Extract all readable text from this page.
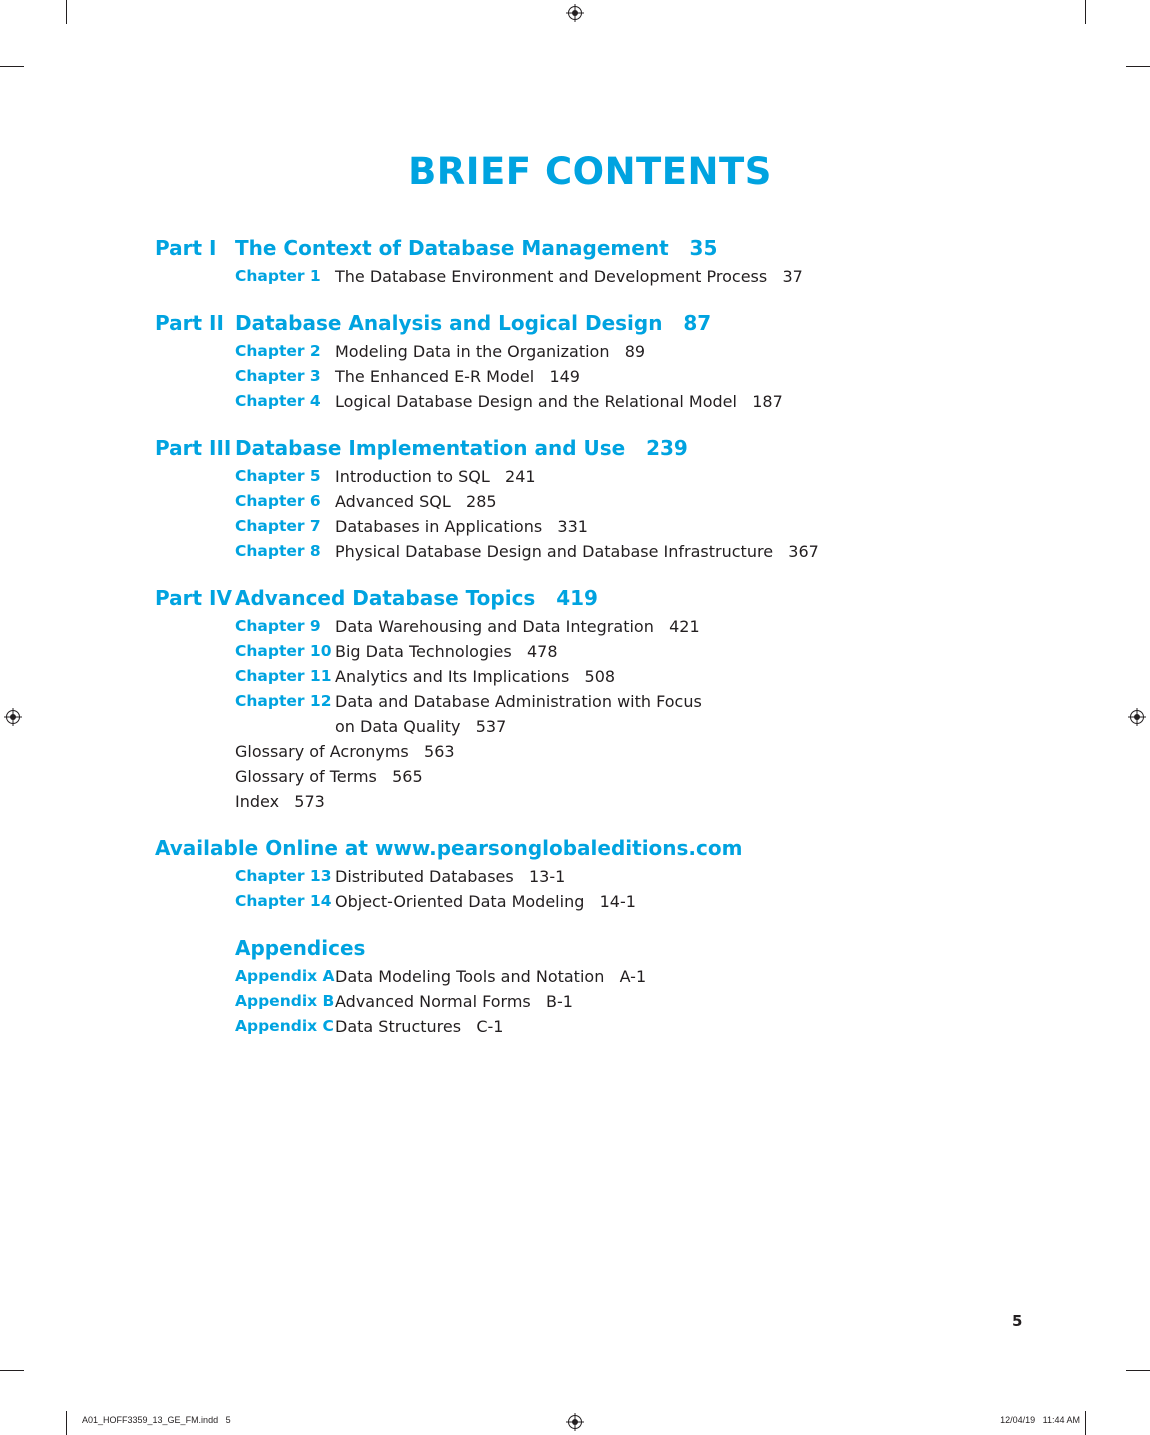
BRIEF CONTENTS
Part I The Context of Database Management   35
Chapter 1 The Database Environment and Development Process   37
Part II Database Analysis and Logical Design   87
Chapter 2 Modeling Data in the Organization   89
Chapter 3 The Enhanced E-R Model   149
Chapter 4 Logical Database Design and the Relational Model   187
Part III Database Implementation and Use   239
Chapter 5 Introduction to SQL   241
Chapter 6 Advanced SQL   285
Chapter 7 Databases in Applications   331
Chapter 8 Physical Database Design and Database Infrastructure   367
Part IV Advanced Database Topics   419
Chapter 9 Data Warehousing and Data Integration   421
Chapter 10 Big Data Technologies   478
Chapter 11 Analytics and Its Implications   508
Chapter 12 Data and Database Administration with Focus
on Data Quality   537
Glossary of Acronyms   563
Glossary of Terms   565
Index   573
Available Online at www.pearsonglobaleditions.com
Chapter 13 Distributed Databases   13-1
Chapter 14 Object-Oriented Data Modeling   14-1
Appendices
Appendix A Data Modeling Tools and Notation   A-1
Appendix B Advanced Normal Forms   B-1
Appendix C Data Structures   C-1
5
A01_HOFF3359_13_GE_FM.indd   5	12/04/19   11:44 AM
